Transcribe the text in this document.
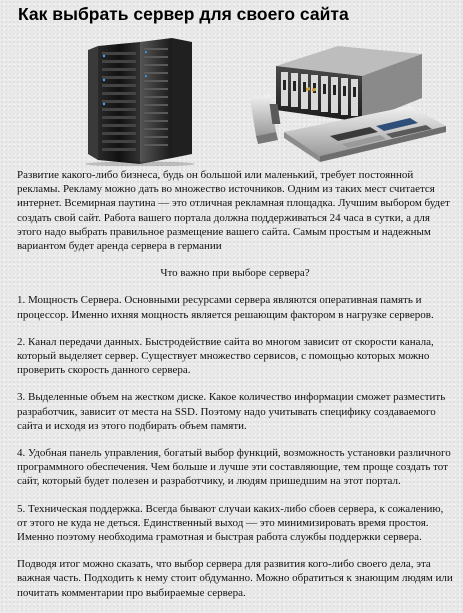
Как выбрать сервер для своего сайта

Развитие какого-либо бизнеса, будь он большой или маленький, требует постоянной рекламы. Рекламу можно дать во множество источников. Одним из таких мест считается интернет. Всемирная паутина — это отличная рекламная площадка. Лучшим выбором будет создать свой сайт. Работа вашего портала должна поддерживаться 24 часа в сутки, а для этого надо выбрать правильное размещение вашего сайта. Самым простым и надежным вариантом будет аренда сервера в германии

Что важно при выборе сервера?

1. Мощность Сервера. Основными ресурсами сервера являются оперативная память и процессор. Именно ихняя мощность является решающим фактором в нагрузке серверов.

2. Канал передачи данных. Быстродействие сайта во многом зависит от скорости канала, который выделяет сервер. Существует множество сервисов, с помощью которых можно проверить скорость данного сервера.

3. Выделенные объем на жестком диске. Какое количество информации сможет разместить разработчик, зависит от места на SSD. Поэтому надо учитывать специфику создаваемого сайта и исходя из этого подбирать объем памяти.

4. Удобная панель управления, богатый выбор функций, возможность установки различного программного обеспечения. Чем больше и лучше эти составляющие, тем проще создать тот сайт, который будет полезен и разработчику, и людям пришедшим на этот портал.

5. Техническая поддержка. Всегда бывают случаи каких-либо сбоев сервера, к сожалению, от этого не куда не деться. Единственный выход — это минимизировать время простоя. Именно поэтому необходима грамотная и быстрая работа службы поддержки сервера.

Подводя итог можно сказать, что выбор сервера для развития кого-либо своего дела, эта важная часть. Подходить к нему стоит обдуманно. Можно обратиться к знающим людям или почитать комментарии про выбираемые сервера.
